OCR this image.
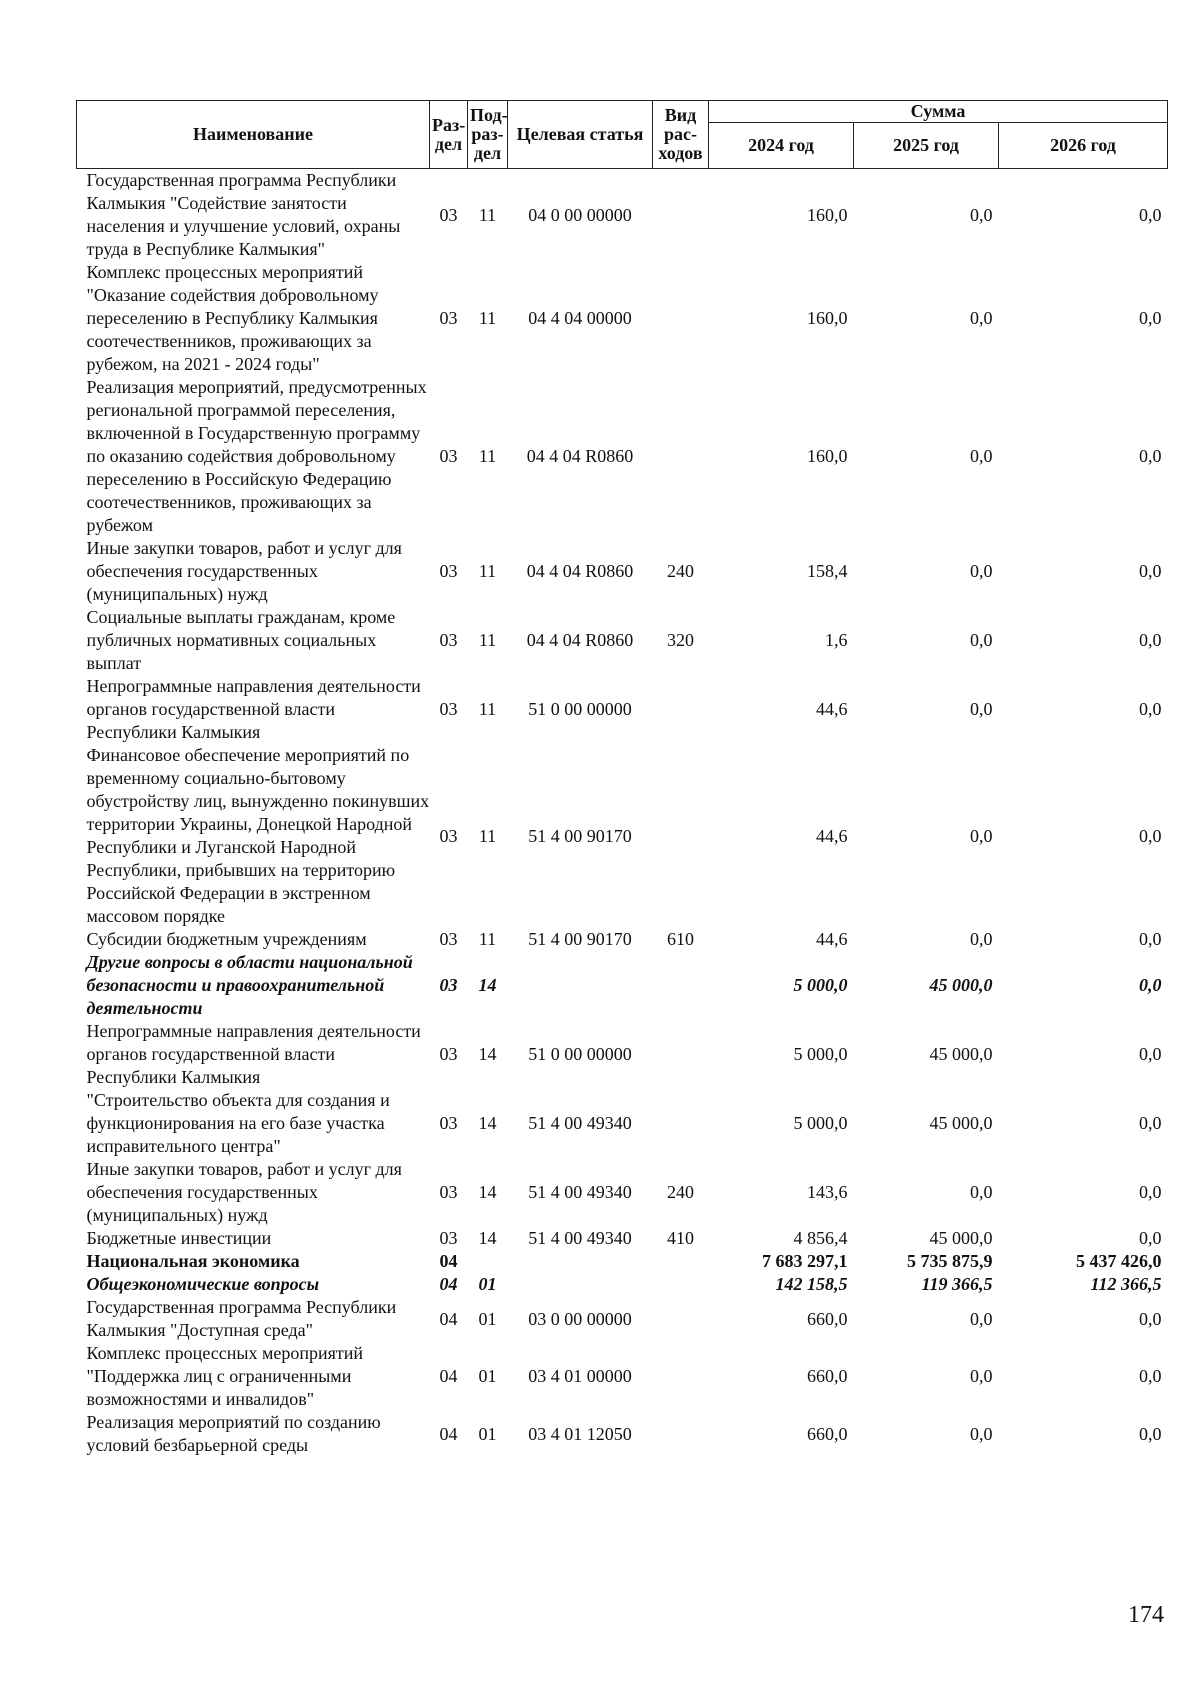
Наименование	Раз-дел	Под-раз-дел	Целевая статья	Вид рас-ходов	Сумма		
					2024 год	2025 год	2026 год
Государственная программа Республики Калмыкия "Содействие занятости населения и улучшение условий, охраны труда в Республике Калмыкия"	03	11	04 0 00 00000		160,0	0,0	0,0
Комплекс процессных мероприятий "Оказание содействия добровольному переселению в Республику Калмыкия соотечественников, проживающих за рубежом, на 2021 - 2024 годы"	03	11	04 4 04 00000		160,0	0,0	0,0
Реализация мероприятий, предусмотренных региональной программой переселения, включенной в Государственную программу по оказанию содействия добровольному переселению в Российскую Федерацию соотечественников, проживающих за рубежом	03	11	04 4 04 R0860		160,0	0,0	0,0
Иные закупки товаров, работ и услуг для обеспечения государственных (муниципальных) нужд	03	11	04 4 04 R0860	240	158,4	0,0	0,0
Социальные выплаты гражданам, кроме публичных нормативных социальных выплат	03	11	04 4 04 R0860	320	1,6	0,0	0,0
Непрограммные направления деятельности органов государственной власти Республики Калмыкия	03	11	51 0 00 00000		44,6	0,0	0,0
Финансовое обеспечение мероприятий по временному социально-бытовому обустройству лиц, вынужденно покинувших территории Украины, Донецкой Народной Республики и Луганской Народной Республики, прибывших на территорию Российской Федерации в экстренном массовом порядке	03	11	51 4 00 90170		44,6	0,0	0,0
Субсидии бюджетным учреждениям	03	11	51 4 00 90170	610	44,6	0,0	0,0
Другие вопросы в области национальной безопасности и правоохранительной деятельности	03	14			5 000,0	45 000,0	0,0
Непрограммные направления деятельности органов государственной власти Республики Калмыкия	03	14	51 0 00 00000		5 000,0	45 000,0	0,0
"Строительство объекта для создания и функционирования на его базе участка исправительного центра"	03	14	51 4 00 49340		5 000,0	45 000,0	0,0
Иные закупки товаров, работ и услуг для обеспечения государственных (муниципальных) нужд	03	14	51 4 00 49340	240	143,6	0,0	0,0
Бюджетные инвестиции	03	14	51 4 00 49340	410	4 856,4	45 000,0	0,0
Национальная экономика	04				7 683 297,1	5 735 875,9	5 437 426,0
Общеэкономические вопросы	04	01			142 158,5	119 366,5	112 366,5
Государственная программа Республики Калмыкия "Доступная среда"	04	01	03 0 00 00000		660,0	0,0	0,0
Комплекс процессных мероприятий "Поддержка лиц с ограниченными возможностями и инвалидов"	04	01	03 4 01 00000		660,0	0,0	0,0
Реализация мероприятий по созданию условий безбарьерной среды	04	01	03 4 01 12050		660,0	0,0	0,0
174
